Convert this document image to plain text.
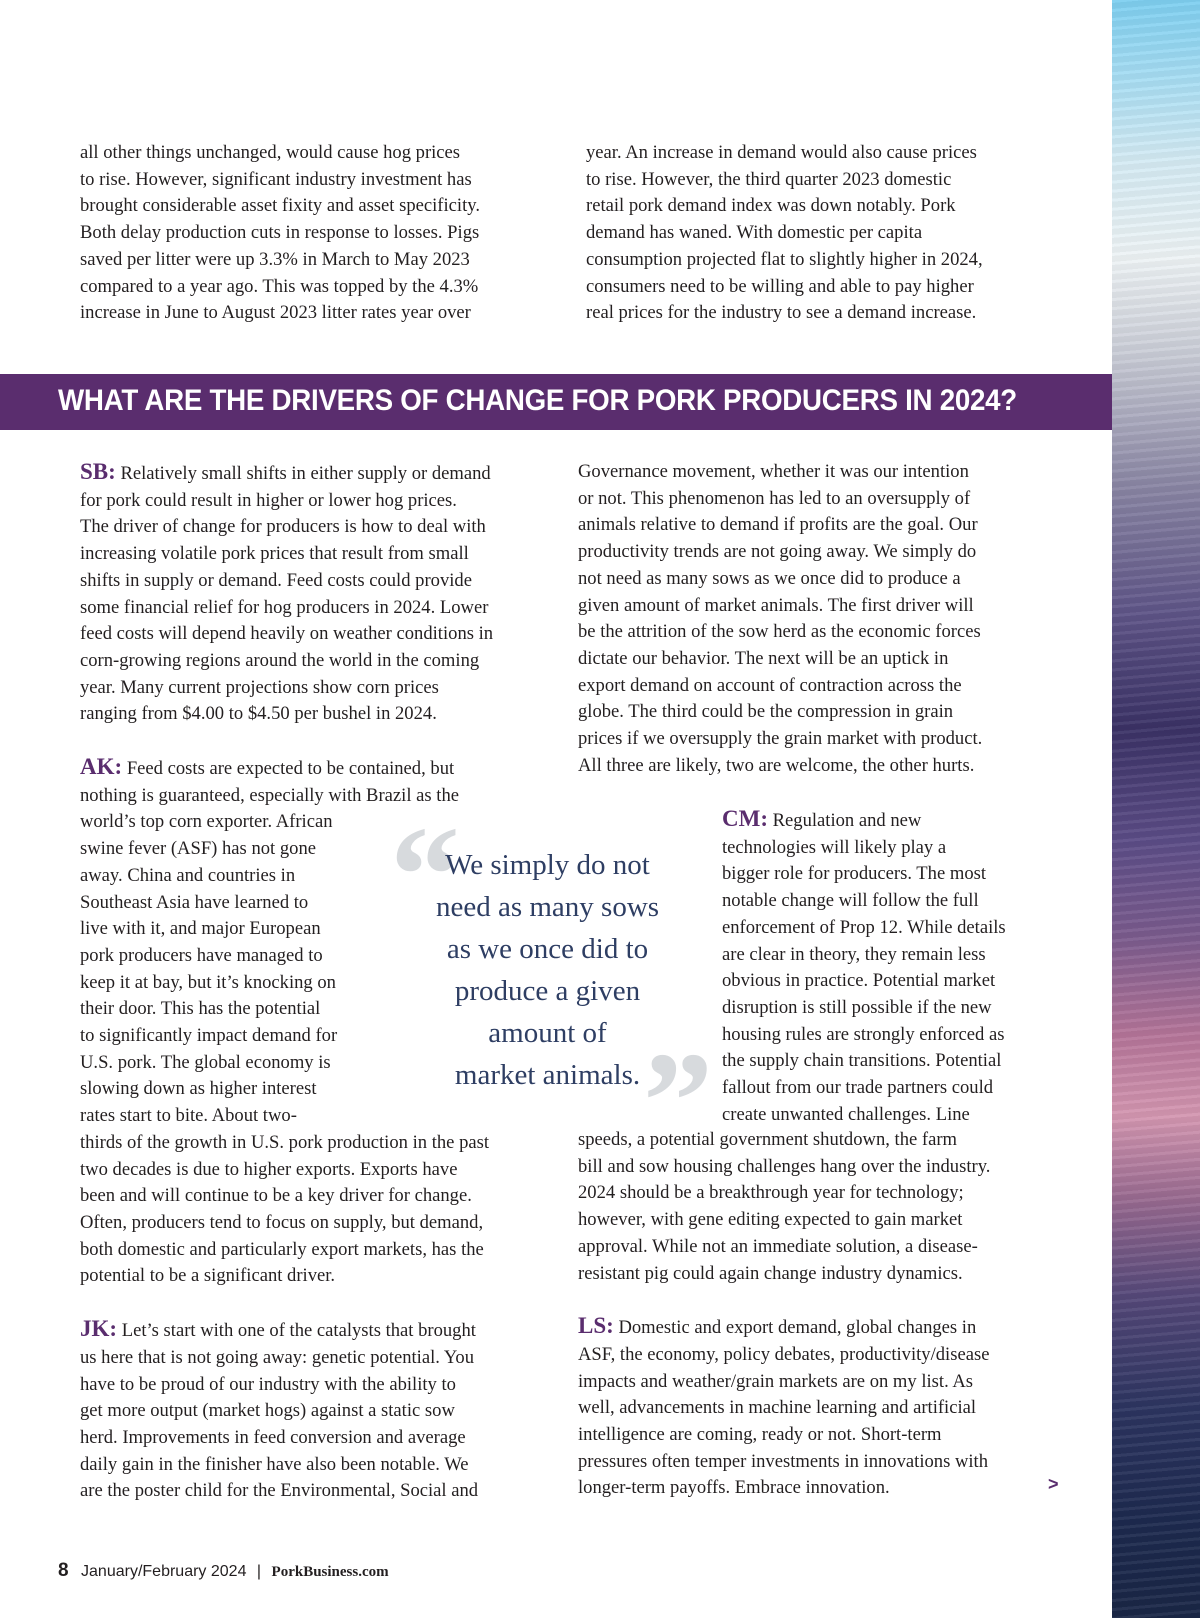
all other things unchanged, would cause hog prices

to rise. However, significant industry investment has

brought considerable asset fixity and asset specificity.

Both delay production cuts in response to losses. Pigs

saved per litter were up 3.3% in March to May 2023

compared to a year ago. This was topped by the 4.3%

increase in June to August 2023 litter rates year over

year. An increase in demand would also cause prices

to rise. However, the third quarter 2023 domestic

retail pork demand index was down notably. Pork

demand has waned. With domestic per capita

consumption projected flat to slightly higher in 2024,

consumers need to be willing and able to pay higher

real prices for the industry to see a demand increase.

WHAT ARE THE DRIVERS OF CHANGE FOR PORK PRODUCERS IN 2024?

SB: Relatively small shifts in either supply or demand

for pork could result in higher or lower hog prices.

The driver of change for producers is how to deal with

increasing volatile pork prices that result from small

shifts in supply or demand. Feed costs could provide

some financial relief for hog producers in 2024. Lower

feed costs will depend heavily on weather conditions in

corn-growing regions around the world in the coming

year. Many current projections show corn prices

ranging from $4.00 to $4.50 per bushel in 2024.

AK: Feed costs are expected to be contained, but

nothing is guaranteed, especially with Brazil as the

world’s top corn exporter. African

swine fever (ASF) has not gone

away. China and countries in

Southeast Asia have learned to

live with it, and major European

pork producers have managed to

keep it at bay, but it’s knocking on

their door. This has the potential

to significantly impact demand for

U.S. pork. The global economy is

slowing down as higher interest

rates start to bite. About two-

thirds of the growth in U.S. pork production in the past

two decades is due to higher exports. Exports have

been and will continue to be a key driver for change.

Often, producers tend to focus on supply, but demand,

both domestic and particularly export markets, has the

potential to be a significant driver.

JK: Let’s start with one of the catalysts that brought

us here that is not going away: genetic potential. You

have to be proud of our industry with the ability to

get more output (market hogs) against a static sow

herd. Improvements in feed conversion and average

daily gain in the finisher have also been notable. We

are the poster child for the Environmental, Social and

Governance movement, whether it was our intention

or not. This phenomenon has led to an oversupply of

animals relative to demand if profits are the goal. Our

productivity trends are not going away. We simply do

not need as many sows as we once did to produce a

given amount of market animals. The first driver will

be the attrition of the sow herd as the economic forces

dictate our behavior. The next will be an uptick in

export demand on account of contraction across the

globe. The third could be the compression in grain

prices if we oversupply the grain market with product.

All three are likely, two are welcome, the other hurts.

CM: Regulation and new

technologies will likely play a

bigger role for producers. The most

notable change will follow the full

enforcement of Prop 12. While details

are clear in theory, they remain less

obvious in practice. Potential market

disruption is still possible if the new

housing rules are strongly enforced as

the supply chain transitions. Potential

fallout from our trade partners could

create unwanted challenges. Line

speeds, a potential government shutdown, the farm

bill and sow housing challenges hang over the industry.

2024 should be a breakthrough year for technology;

however, with gene editing expected to gain market

approval. While not an immediate solution, a disease-

resistant pig could again change industry dynamics.

LS: Domestic and export demand, global changes in

ASF, the economy, policy debates, productivity/disease

impacts and weather/grain markets are on my list. As

well, advancements in machine learning and artificial

intelligence are coming, ready or not. Short-term

pressures often temper investments in innovations with

longer-term payoffs. Embrace innovation.

“
We simply do not
need as many sows
as we once did to
produce a given
amount of
market animals. ”
>
8 January/February 2024 | PorkBusiness.com
